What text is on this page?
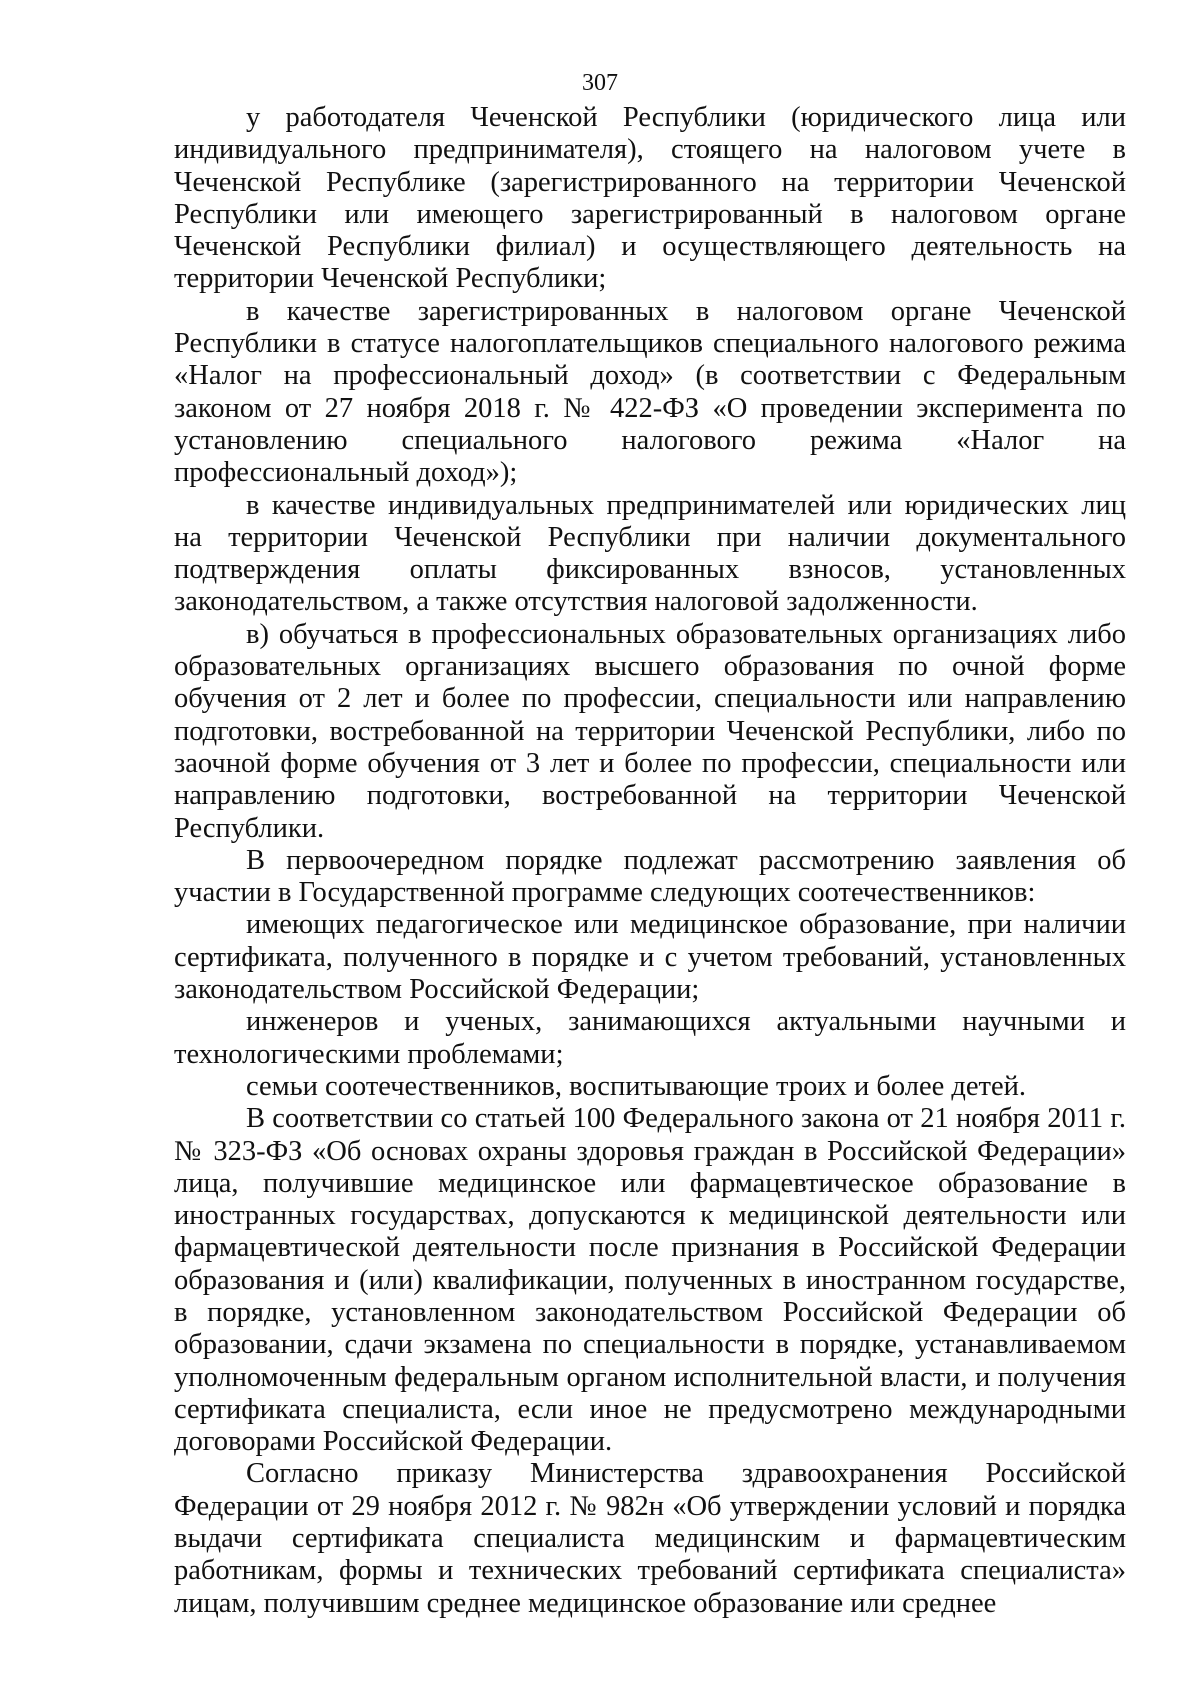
307

у работодателя Чеченской Республики (юридического лица или индивидуального предпринимателя), стоящего на налоговом учете в Чеченской Республике (зарегистрированного на территории Чеченской Республики или имеющего зарегистрированный в налоговом органе Чеченской Республики филиал) и осуществляющего деятельность на территории Чеченской Республики;

в качестве зарегистрированных в налоговом органе Чеченской Республики в статусе налогоплательщиков специального налогового режима «Налог на профессиональный доход» (в соответствии с Федеральным законом от 27 ноября 2018 г. № 422-ФЗ «О проведении эксперимента по установлению специального налогового режима «Налог на профессиональный доход»);

в качестве индивидуальных предпринимателей или юридических лиц на территории Чеченской Республики при наличии документального подтверждения оплаты фиксированных взносов, установленных законодательством, а также отсутствия налоговой задолженности.

в) обучаться в профессиональных образовательных организациях либо образовательных организациях высшего образования по очной форме обучения от 2 лет и более по профессии, специальности или направлению подготовки, востребованной на территории Чеченской Республики, либо по заочной форме обучения от 3 лет и более по профессии, специальности или направлению подготовки, востребованной на территории Чеченской Республики.

В первоочередном порядке подлежат рассмотрению заявления об участии в Государственной программе следующих соотечественников:

имеющих педагогическое или медицинское образование, при наличии сертификата, полученного в порядке и с учетом требований, установленных законодательством Российской Федерации;

инженеров и ученых, занимающихся актуальными научными и технологическими проблемами;

семьи соотечественников, воспитывающие троих и более детей.

В соответствии со статьей 100 Федерального закона от 21 ноября 2011 г. № 323-ФЗ «Об основах охраны здоровья граждан в Российской Федерации» лица, получившие медицинское или фармацевтическое образование в иностранных государствах, допускаются к медицинской деятельности или фармацевтической деятельности после признания в Российской Федерации образования и (или) квалификации, полученных в иностранном государстве, в порядке, установленном законодательством Российской Федерации об образовании, сдачи экзамена по специальности в порядке, устанавливаемом уполномоченным федеральным органом исполнительной власти, и получения сертификата специалиста, если иное не предусмотрено международными договорами Российской Федерации.

Согласно приказу Министерства здравоохранения Российской Федерации от 29 ноября 2012 г. № 982н «Об утверждении условий и порядка выдачи сертификата специалиста медицинским и фармацевтическим работникам, формы и технических требований сертификата специалиста» лицам, получившим среднее медицинское образование или среднее
